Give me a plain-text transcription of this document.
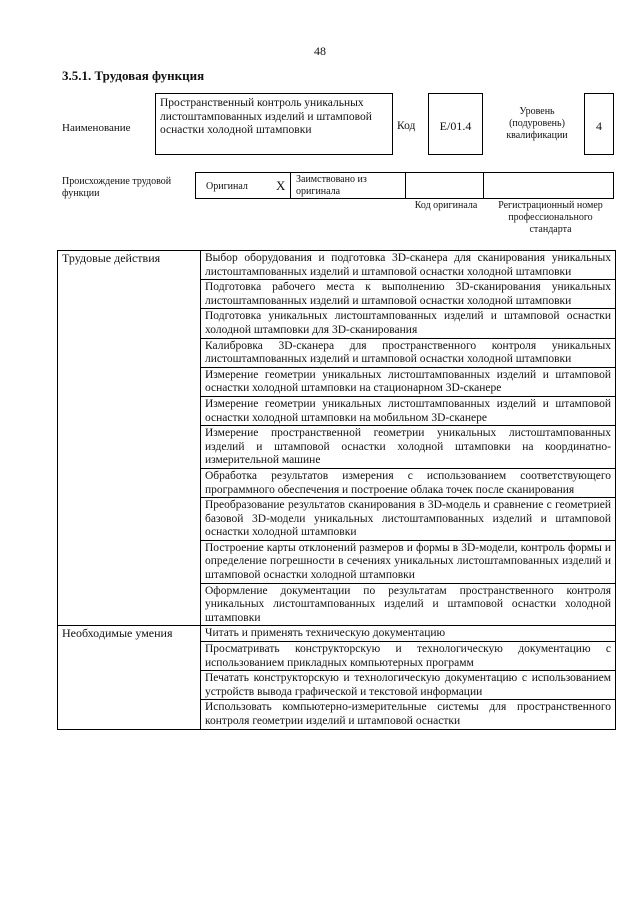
48
3.5.1. Трудовая функция
Наименование
Пространственный контроль уникальных листоштампованных изделий и штамповой оснастки холодной штамповки	Код	E/01.4
Уровень (подуровень) квалификации
4
Происхождение трудовой функции
Оригинал X Заимствовано из оригинала
Код оригинала	Регистрационный номер профессионального стандарта
Трудовые действия	Выбор оборудования и подготовка 3D-сканера для сканирования уникальных листоштампованных изделий и штамповой оснастки холодной штамповки
	Подготовка рабочего места к выполнению 3D-сканирования уникальных листоштампованных изделий и штамповой оснастки холодной штамповки
	Подготовка уникальных листоштампованных изделий и штамповой оснастки холодной штамповки для 3D-сканирования
	Калибровка 3D-сканера для пространственного контроля уникальных листоштампованных изделий и штамповой оснастки холодной штамповки
	Измерение геометрии уникальных листоштампованных изделий и штамповой оснастки холодной штамповки на стационарном 3D-сканере
	Измерение геометрии уникальных листоштампованных изделий и штамповой оснастки холодной штамповки на мобильном 3D-сканере
	Измерение пространственной геометрии уникальных листоштампованных изделий и штамповой оснастки холодной штамповки на координатно-измерительной машине
	Обработка результатов измерения с использованием соответствующего программного обеспечения и построение облака точек после сканирования
	Преобразование результатов сканирования в 3D-модель и сравнение с геометрией базовой 3D-модели уникальных листоштампованных изделий и штамповой оснастки холодной штамповки
	Построение карты отклонений размеров и формы в 3D-модели, контроль формы и определение погрешности в сечениях уникальных листоштампованных изделий и штамповой оснастки холодной штамповки
	Оформление документации по результатам пространственного контроля уникальных листоштампованных изделий и штамповой оснастки холодной штамповки
Необходимые умения	Читать и применять техническую документацию
	Просматривать конструкторскую и технологическую документацию с использованием прикладных компьютерных программ
	Печатать конструкторскую и технологическую документацию с использованием устройств вывода графической и текстовой информации
	Использовать компьютерно-измерительные системы для пространственного контроля геометрии изделий и штамповой оснастки
